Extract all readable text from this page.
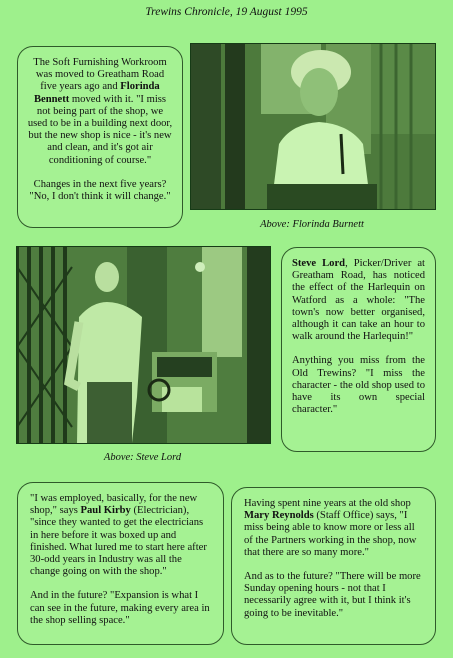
Trewins Chronicle, 19 August 1995

The Soft Furnishing Workroom was moved to Greatham Road five years ago and Florinda Bennett moved with it. "I miss not being part of the shop, we used to be in a building next door, but the new shop is nice - it's new and clean, and it's got air conditioning of course."

Changes in the next five years? "No, I don't think it will change."

Above: Florinda Burnett
Above: Steve Lord

Steve Lord, Picker/Driver at Greatham Road, has noticed the effect of the Harlequin on Watford as a whole: "The town's now better organised, although it can take an hour to walk around the Harlequin!"

Anything you miss from the Old Trewins? "I miss the character - the old shop used to have its own special character."

"I was employed, basically, for the new shop," says Paul Kirby (Electrician), "since they wanted to get the electricians in here before it was boxed up and finished. What lured me to start here after 30-odd years in Industry was all the change going on with the shop."

And in the future? "Expansion is what I can see in the future, making every area in the shop selling space."

Having spent nine years at the old shop Mary Reynolds (Staff Office) says, "I miss being able to know more or less all of the Partners working in the shop, now that there are so many more."

And as to the future? "There will be more Sunday opening hours - not that I necessarily agree with it, but I think it's going to be inevitable."
